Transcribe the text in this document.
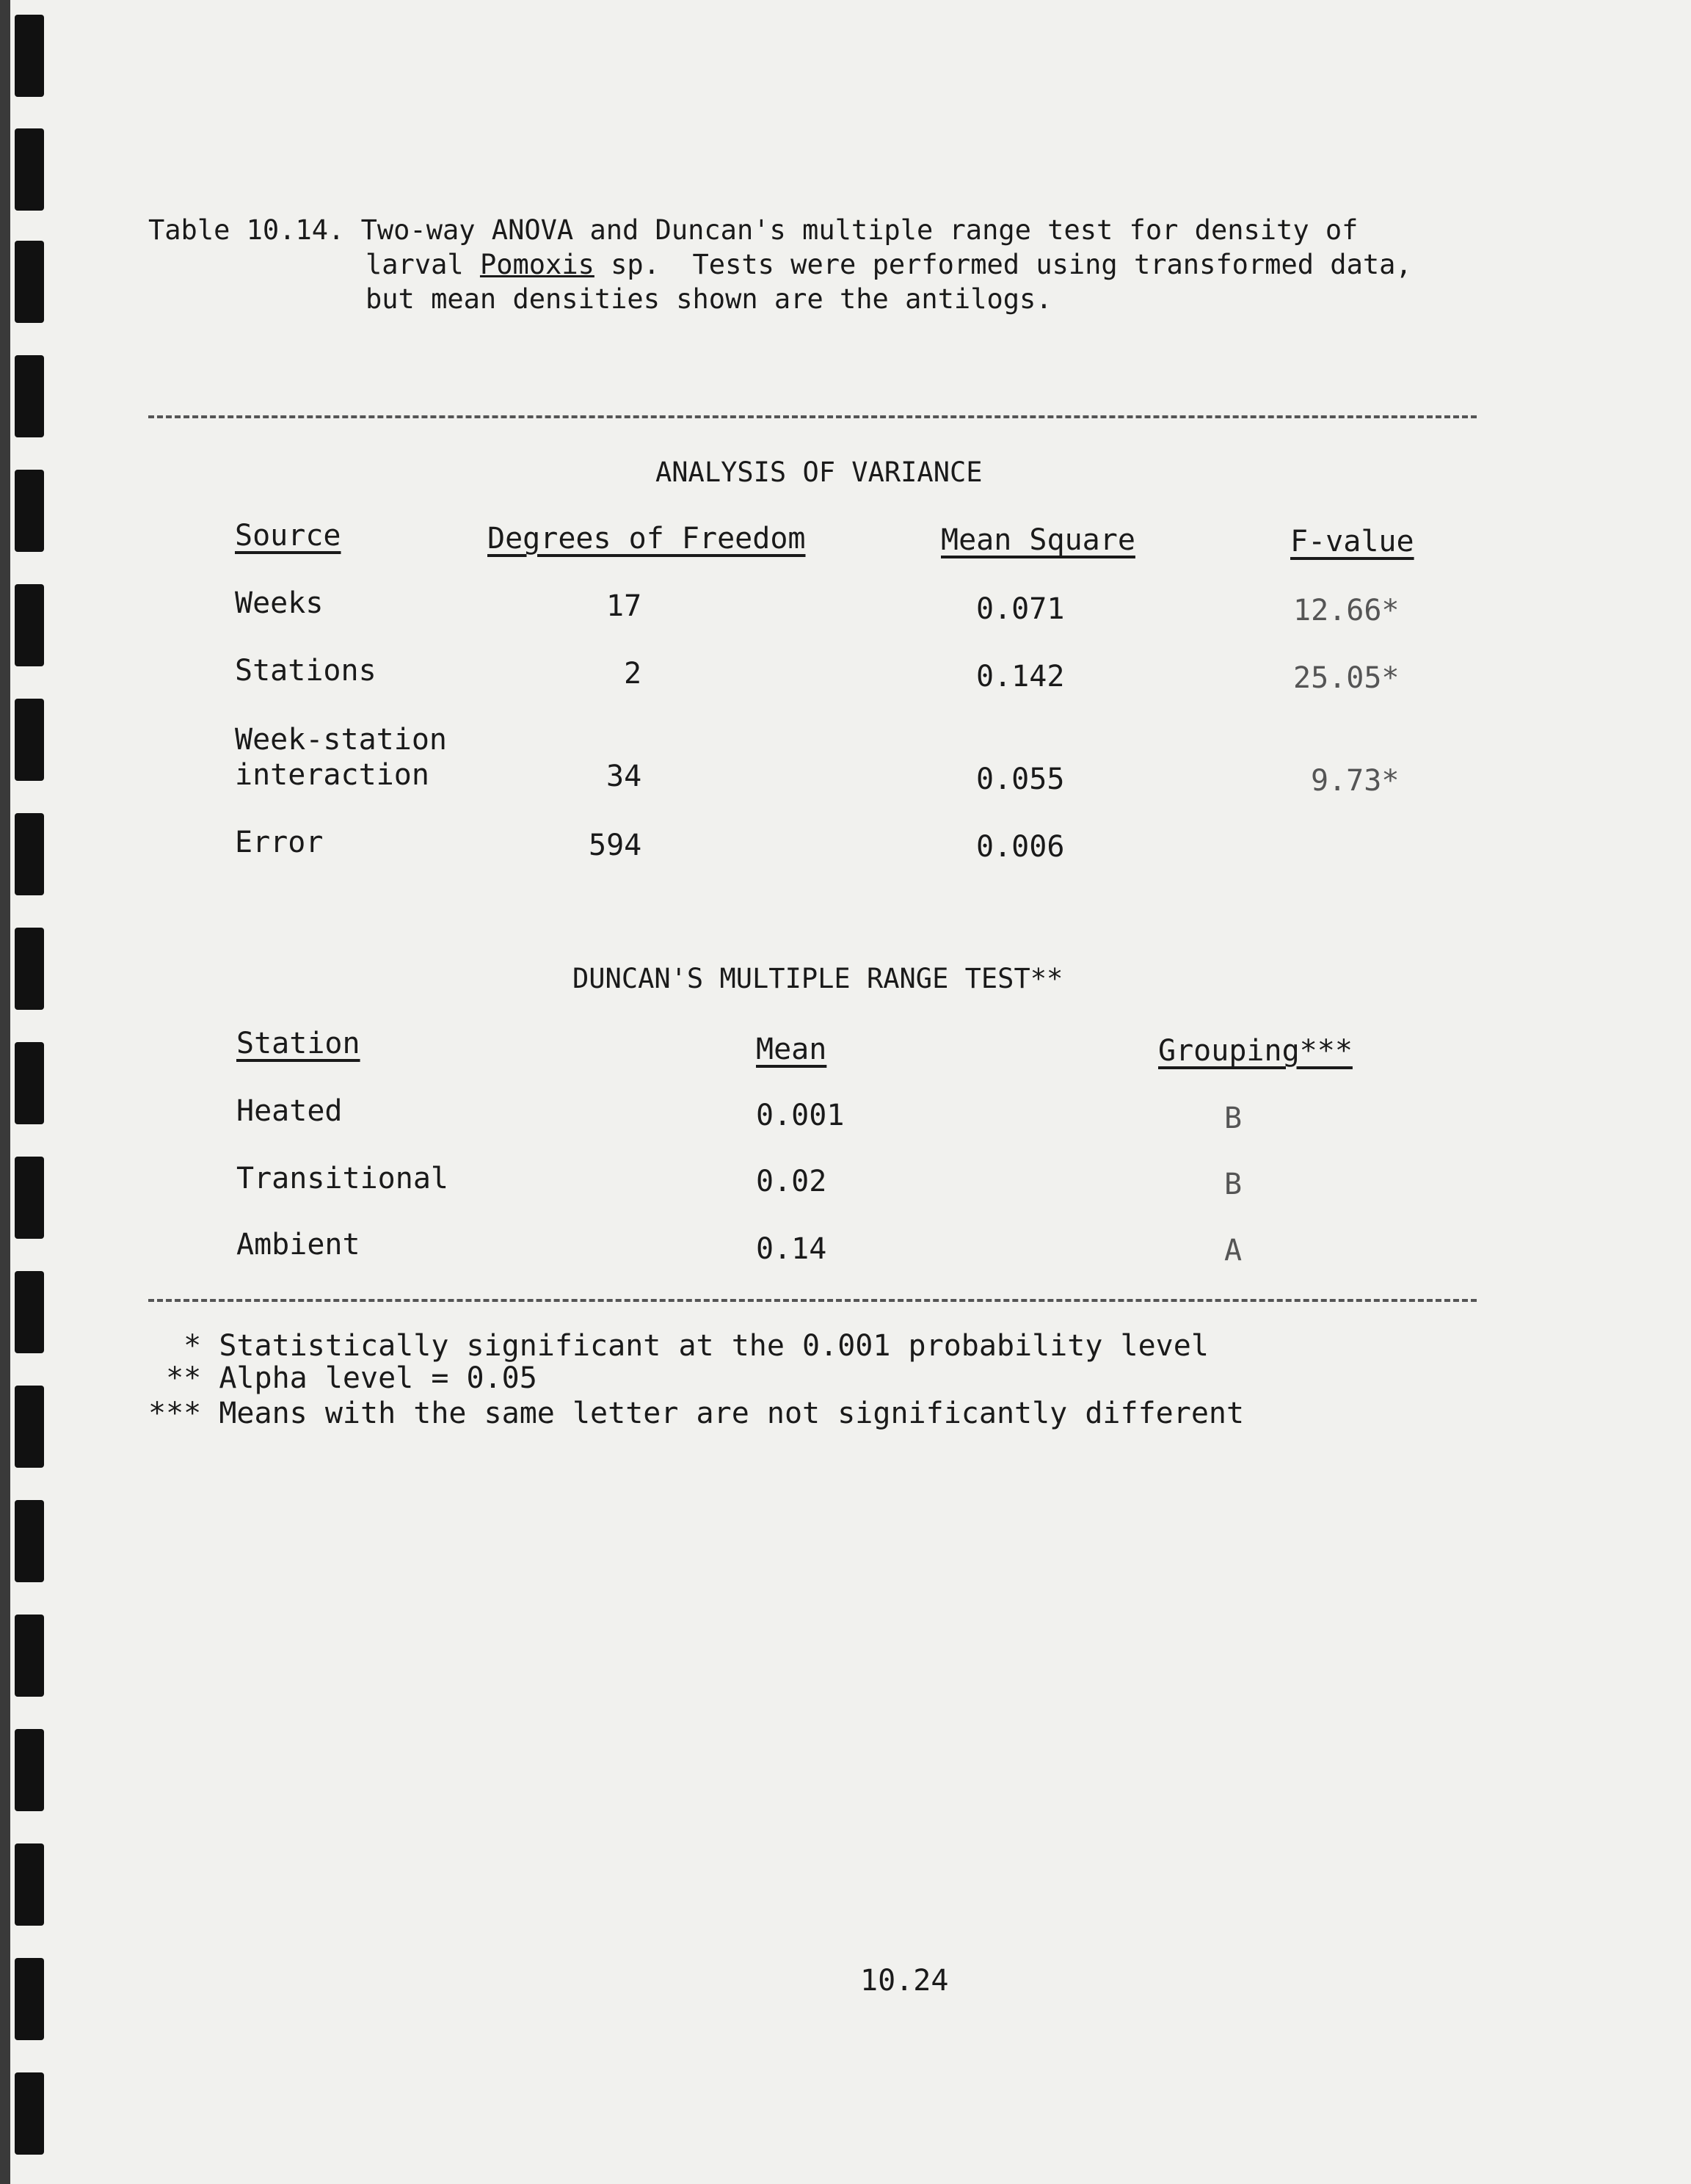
Table 10.14. Two-way ANOVA and Duncan's multiple range test for density of
larval Pomoxis sp.  Tests were performed using transformed data,
but mean densities shown are the antilogs.
ANALYSIS OF VARIANCE
Source	Degrees of Freedom	Mean Square	F-value
Weeks	17	0.071	12.66*
Stations	2	0.142	25.05*
Week-station
interaction	34	0.055	9.73*
Error	594	0.006
DUNCAN'S MULTIPLE RANGE TEST**
Station	Mean	Grouping***
Heated	0.001	B
Transitional	0.02	B
Ambient	0.14	A
* Statistically significant at the 0.001 probability level
** Alpha level = 0.05
*** Means with the same letter are not significantly different
10.24
